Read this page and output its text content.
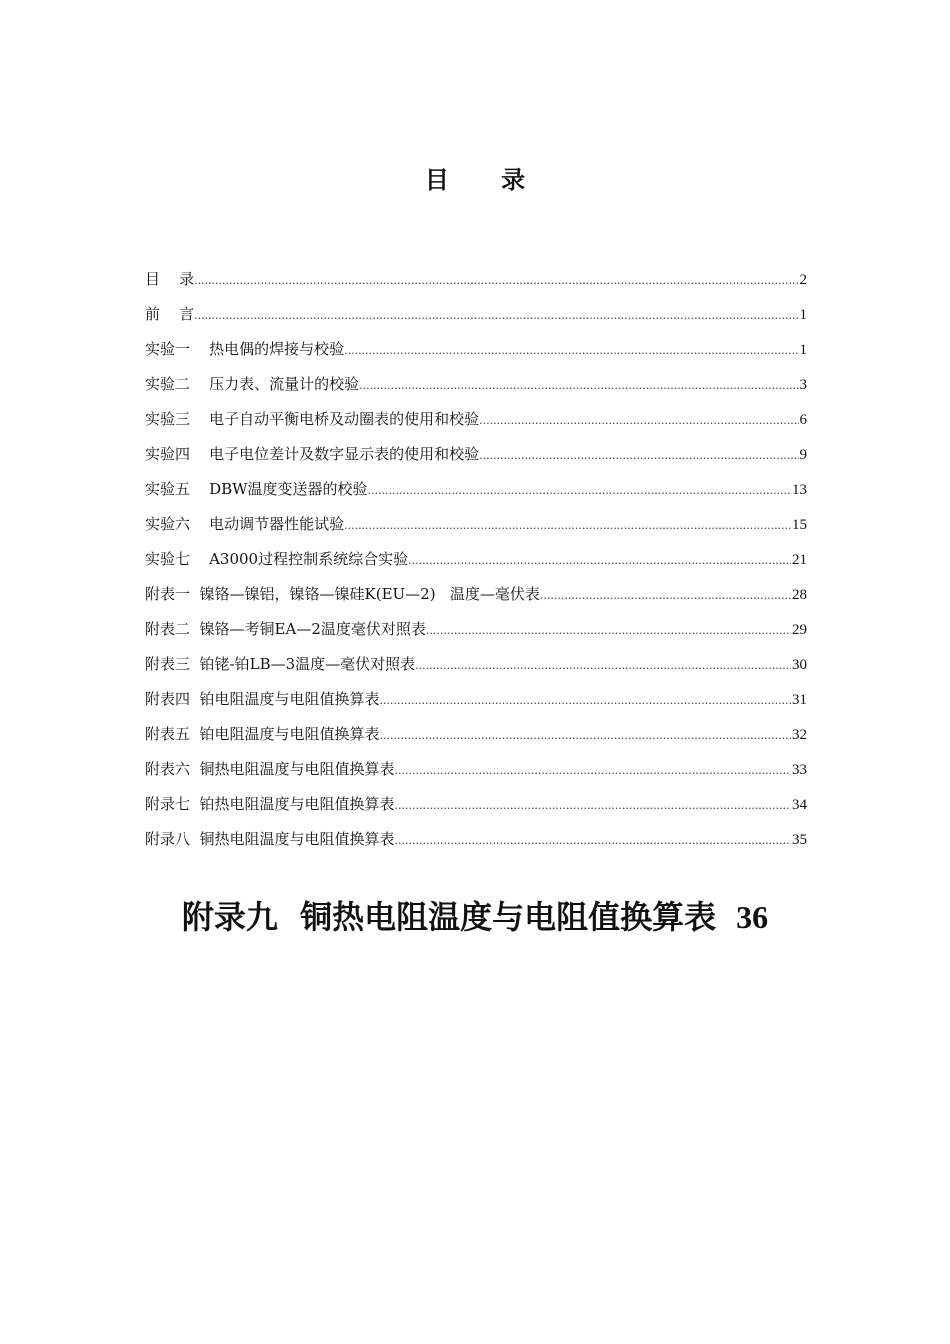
目 录
目    录 .....	2
前    言 .....	1
实验一    热电偶的焊接与校验 .....	1
实验二    压力表、流量计的校验 .....	3
实验三    电子自动平衡电桥及动圈表的使用和校验 .....	6
实验四    电子电位差计及数字显示表的使用和校验 .....	9
实验五    DBW温度变送器的校验 .....	13
实验六    电动调节器性能试验 .....	15
实验七    A3000过程控制系统综合实验 .....	21
附表一  镍铬—镍铝，镍铬—镍硅K(EU—2)   温度—毫伏表 .....	28
附表二  镍铬—考铜EA—2温度毫伏对照表 .....	29
附表三  铂铑-铂LB—3温度—毫伏对照表 .....	30
附表四  铂电阻温度与电阻值换算表 .....	31
附表五  铂电阻温度与电阻值换算表 .....	32
附表六  铜热电阻温度与电阻值换算表 .....	33
附录七  铂热电阻温度与电阻值换算表 .....	34
附录八  铜热电阻温度与电阻值换算表 .....	35

附录九  铜热电阻温度与电阻值换算表 36
